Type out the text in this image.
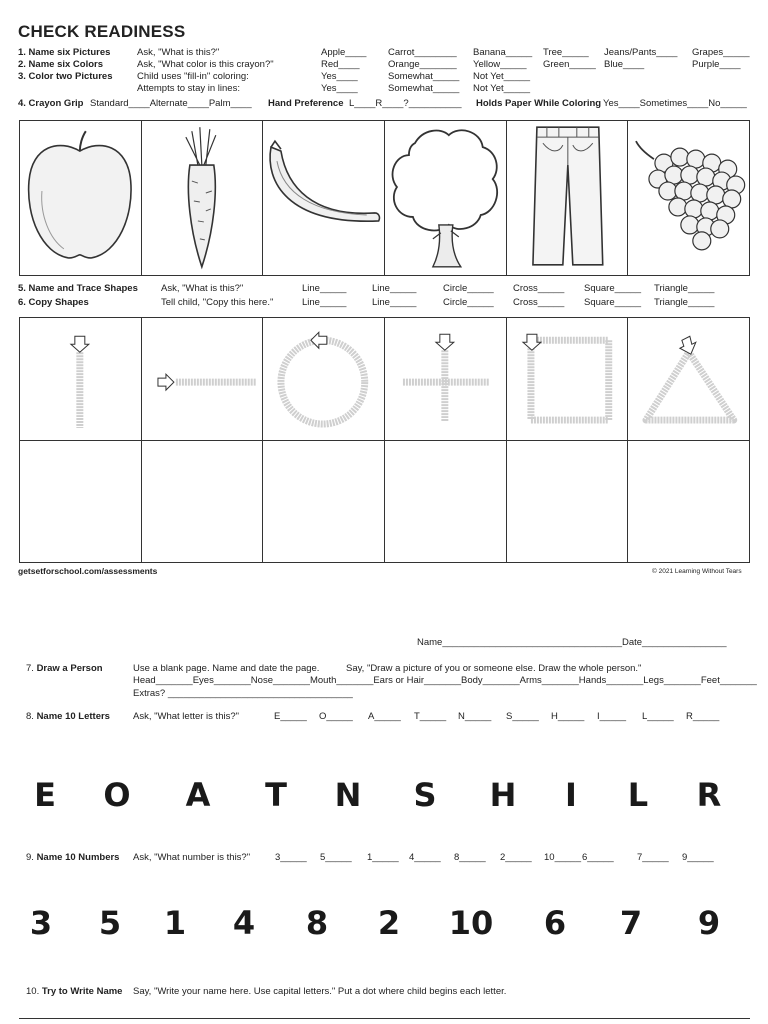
CHECK READINESS
1. Name six Pictures	Ask, "What is this?"	Apple____ Carrot________ Banana_____ Tree_____ Jeans/Pants____ Grapes_____
2. Name six Colors	Ask, "What color is this crayon?"	Red____	Orange_______ Yellow_____ Green_____ Blue____	Purple____
3. Color two Pictures	Child uses "fill-in" coloring:	Yes____	Somewhat_____ Not Yet_____
Attempts to stay in lines:	Yes____	Somewhat_____ Not Yet_____
4. Crayon Grip Standard____Alternate____Palm____ Hand Preference L____R____?__________ Holds Paper While Coloring Yes____Sometimes____No_____
5. Name and Trace Shapes Ask, "What is this?"	Line_____	Line_____	Circle_____ Cross_____ Square_____ Triangle_____
6. Copy Shapes	Tell child, "Copy this here."	Line_____	Line_____	Circle_____ Cross_____ Square_____ Triangle_____
getsetforschool.com/assessments	© 2021 Learning Without Tears
Name__________________________________Date________________
7. Draw a Person	Use a blank page. Name and date the page.	Say, "Draw a picture of you or someone else. Draw the whole person."
Head_______Eyes_______Nose_______Mouth_______Ears or Hair_______Body_______Arms_______Hands_______Legs_______Feet_______
Extras? ___________________________________
8. Name 10 Letters Ask, "What letter is this?"	E_____ O_____ A_____ T_____ N_____ S_____ H_____ I_____ L_____ R_____
E O A T N S H I L R
9. Name 10 Numbers Ask, "What number is this?"	3_____ 5_____ 1_____ 4_____ 8_____ 2_____ 10_____ 6_____ 7_____ 9_____
3 5 1 4 8 2 10 6 7 9
10. Try to Write Name Say, "Write your name here. Use capital letters." Put a dot where child begins each letter.
